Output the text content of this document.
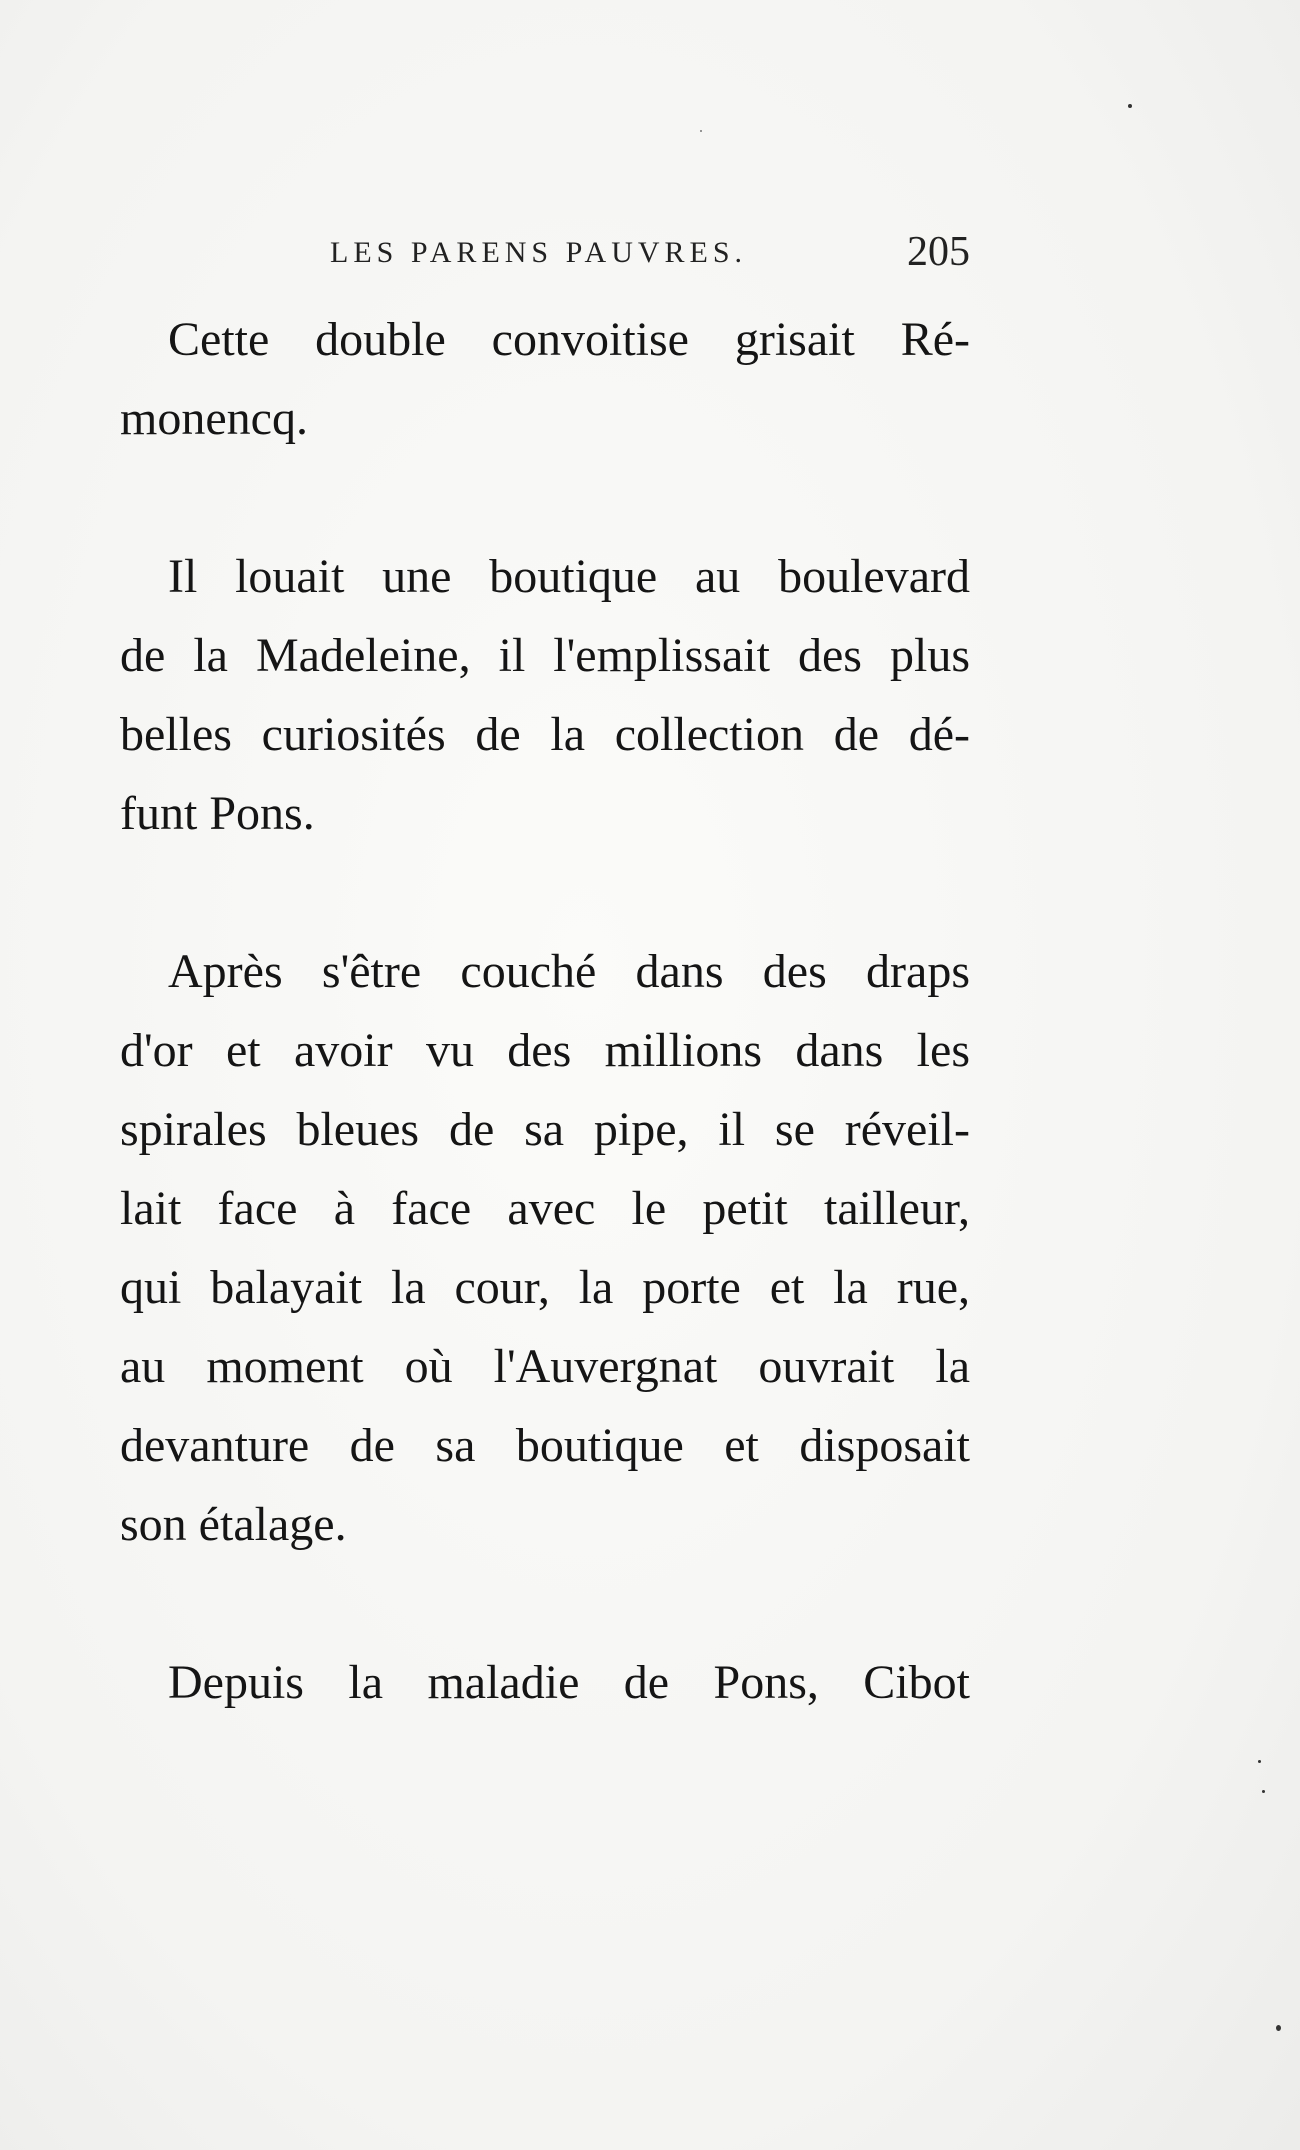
LES PARENS PAUVRES.	205
Cette double convoitise grisait Ré-
monencq.
Il louait une boutique au boulevard
de la Madeleine, il l'emplissait des plus
belles curiosités de la collection de dé-
funt Pons.
Après s'être couché dans des draps
d'or et avoir vu des millions dans les
spirales bleues de sa pipe, il se réveil-
lait face à face avec le petit tailleur,
qui balayait la cour, la porte et la rue,
au moment où l'Auvergnat ouvrait la
devanture de sa boutique et disposait
son étalage.
Depuis la maladie de Pons, Cibot
